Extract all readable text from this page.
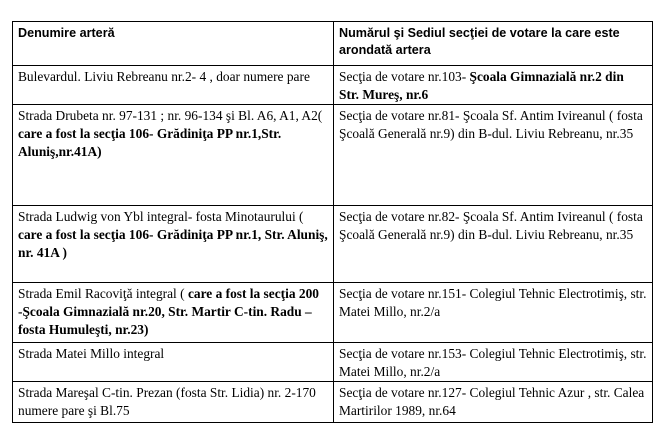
Denumire arteră	Numărul şi Sediul secţiei de votare la care este arondată artera
Bulevardul. Liviu Rebreanu nr.2- 4 , doar numere pare	Secţia de votare nr.103- Şcoala Gimnazială nr.2 din Str. Mureş, nr.6
Strada Drubeta nr. 97-131 ; nr. 96-134 şi Bl. A6, A1, A2( care a fost la secţia 106- Grădiniţa PP nr.1,Str. Aluniş,nr.41A)	Secţia de votare nr.81- Şcoala Sf. Antim Ivireanul ( fosta Şcoală Generală nr.9) din B-dul. Liviu Rebreanu, nr.35
Strada Ludwig von Ybl integral- fosta Minotaurului ( care a fost la secţia 106- Grădiniţa PP nr.1, Str. Aluniş, nr. 41A )	Secţia de votare nr.82- Şcoala Sf. Antim Ivireanul ( fosta Şcoală Generală nr.9) din B-dul. Liviu Rebreanu, nr.35
Strada Emil Racoviţă integral ( care a fost la secţia 200 -Şcoala Gimnazială nr.20, Str. Martir C-tin. Radu – fosta Humuleşti, nr.23)	Secţia de votare nr.151- Colegiul Tehnic Electrotimiş, str. Matei Millo, nr.2/a
Strada Matei Millo integral	Secţia de votare nr.153- Colegiul Tehnic Electrotimiş, str. Matei Millo, nr.2/a
Strada Mareşal C-tin. Prezan (fosta Str. Lidia) nr. 2-170 numere pare şi Bl.75	Secţia de votare nr.127- Colegiul Tehnic Azur , str. Calea Martirilor 1989, nr.64
